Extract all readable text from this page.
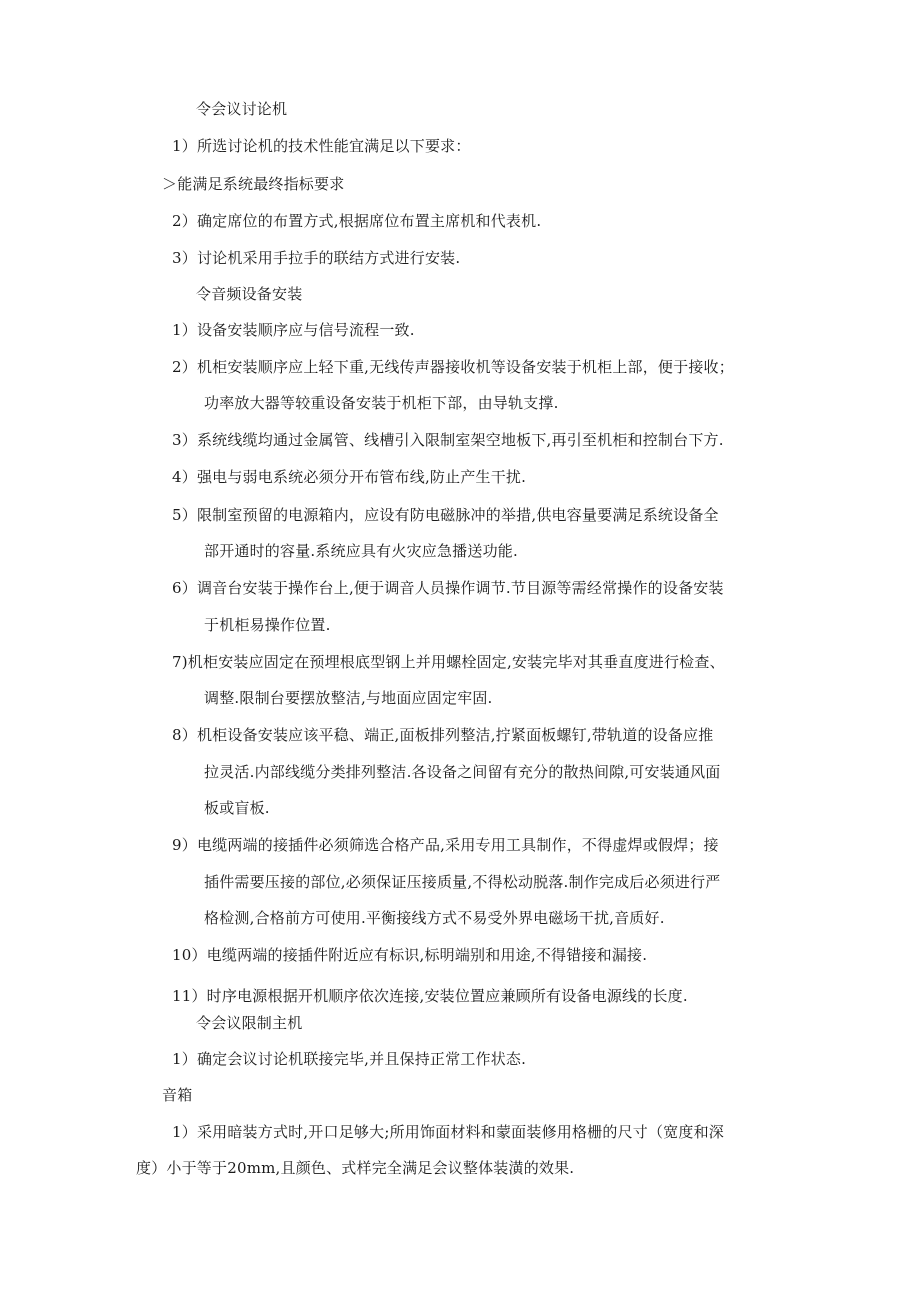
令会议讨论机
1）所选讨论机的技术性能宜满足以下要求：
＞能满足系统最终指标要求
2）确定席位的布置方式,根据席位布置主席机和代表机.
3）讨论机采用手拉手的联结方式进行安装.
令音频设备安装
1）设备安装顺序应与信号流程一致.
2）机柜安装顺序应上轻下重,无线传声器接收机等设备安装于机柜上部，便于接收；
功率放大器等较重设备安装于机柜下部，由导轨支撑.
3）系统线缆均通过金属管、线槽引入限制室架空地板下,再引至机柜和控制台下方.
4）强电与弱电系统必须分开布管布线,防止产生干扰.
5）限制室预留的电源箱内，应设有防电磁脉冲的举措,供电容量要满足系统设备全
部开通时的容量.系统应具有火灾应急播送功能.
6）调音台安装于操作台上,便于调音人员操作调节.节目源等需经常操作的设备安装
于机柜易操作位置.
7)机柜安装应固定在预埋根底型钢上并用螺栓固定,安装完毕对其垂直度进行检查、
调整.限制台要摆放整洁,与地面应固定牢固.
8）机柜设备安装应该平稳、端正,面板排列整洁,拧紧面板螺钉,带轨道的设备应推
拉灵活.内部线缆分类排列整洁.各设备之间留有充分的散热间隙,可安装通风面
板或盲板.
9）电缆两端的接插件必须筛选合格产品,采用专用工具制作，不得虚焊或假焊；接
插件需要压接的部位,必须保证压接质量,不得松动脱落.制作完成后必须进行严
格检测,合格前方可使用.平衡接线方式不易受外界电磁场干扰,音质好.
10）电缆两端的接插件附近应有标识,标明端别和用途,不得错接和漏接.
11）时序电源根据开机顺序依次连接,安装位置应兼顾所有设备电源线的长度.
令会议限制主机
1）确定会议讨论机联接完毕,并且保持正常工作状态.
音箱
1）采用暗装方式时,开口足够大;所用饰面材料和蒙面装修用格栅的尺寸（宽度和深
度）小于等于20mm,且颜色、式样完全满足会议整体装潢的效果.
